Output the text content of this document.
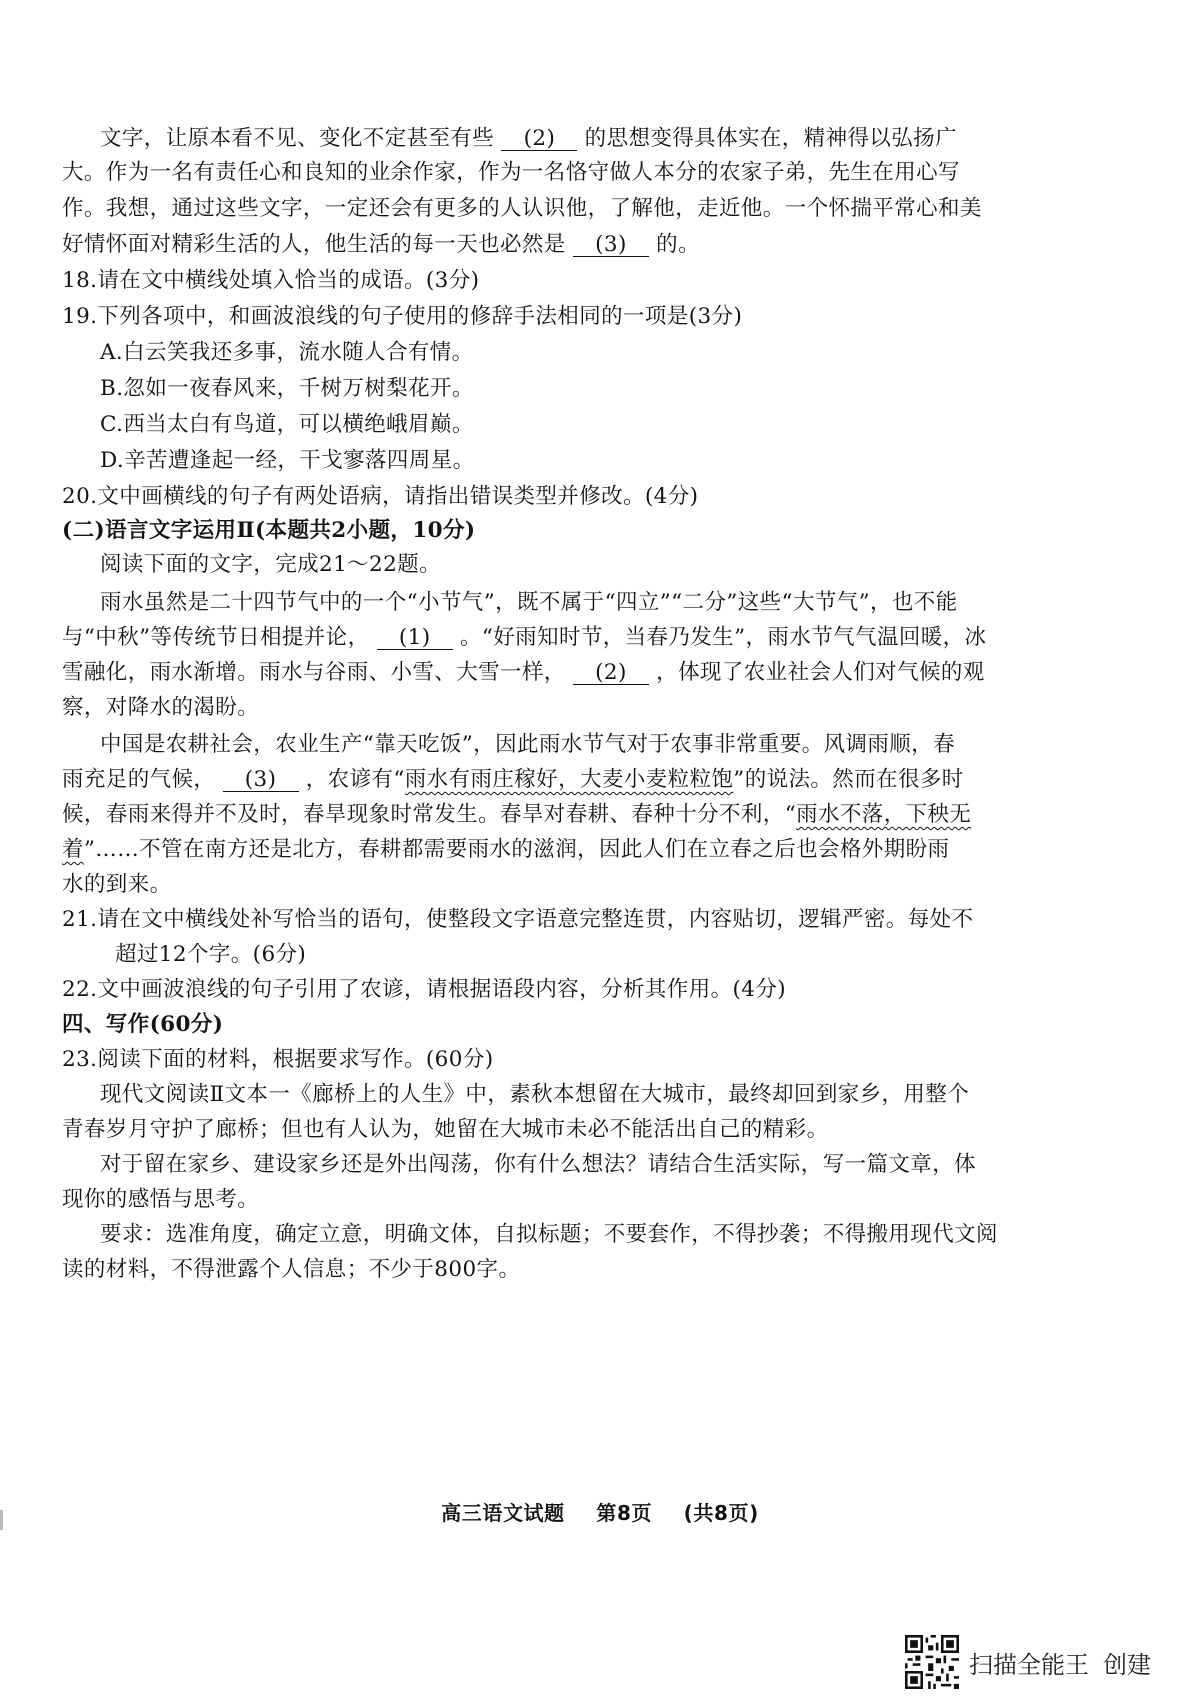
文字，让原本看不见、变化不定甚至有些 (2) 的思想变得具体实在，精神得以弘扬广
大。作为一名有责任心和良知的业余作家，作为一名恪守做人本分的农家子弟，先生在用心写
作。我想，通过这些文字，一定还会有更多的人认识他，了解他，走近他。一个怀揣平常心和美
好情怀面对精彩生活的人，他生活的每一天也必然是 (3) 的。
18.请在文中横线处填入恰当的成语。(3分)
19.下列各项中，和画波浪线的句子使用的修辞手法相同的一项是(3分)
A.白云笑我还多事，流水随人合有情。
B.忽如一夜春风来，千树万树梨花开。
C.西当太白有鸟道，可以横绝峨眉巅。
D.辛苦遭逢起一经，干戈寥落四周星。
20.文中画横线的句子有两处语病，请指出错误类型并修改。(4分)
(二)语言文字运用Ⅱ(本题共2小题，10分)
阅读下面的文字，完成21～22题。
雨水虽然是二十四节气中的一个“小节气”，既不属于“四立”“二分”这些“大节气”，也不能
与“中秋”等传统节日相提并论， (1) 。“好雨知时节，当春乃发生”，雨水节气气温回暖，冰
雪融化，雨水渐增。雨水与谷雨、小雪、大雪一样， (2) ，体现了农业社会人们对气候的观
察，对降水的渴盼。
中国是农耕社会，农业生产“靠天吃饭”，因此雨水节气对于农事非常重要。风调雨顺，春
雨充足的气候， (3) ，农谚有“雨水有雨庄稼好，大麦小麦粒粒饱”的说法。然而在很多时
候，春雨来得并不及时，春旱现象时常发生。春旱对春耕、春种十分不利，“雨水不落，下秧无
着”……不管在南方还是北方，春耕都需要雨水的滋润，因此人们在立春之后也会格外期盼雨
水的到来。
21.请在文中横线处补写恰当的语句，使整段文字语意完整连贯，内容贴切，逻辑严密。每处不
超过12个字。(6分)
22.文中画波浪线的句子引用了农谚，请根据语段内容，分析其作用。(4分)
四、写作(60分)
23.阅读下面的材料，根据要求写作。(60分)
现代文阅读Ⅱ文本一《廊桥上的人生》中，素秋本想留在大城市，最终却回到家乡，用整个
青春岁月守护了廊桥；但也有人认为，她留在大城市未必不能活出自己的精彩。
对于留在家乡、建设家乡还是外出闯荡，你有什么想法？请结合生活实际，写一篇文章，体
现你的感悟与思考。
要求：选准角度，确定立意，明确文体，自拟标题；不要套作，不得抄袭；不得搬用现代文阅
读的材料，不得泄露个人信息；不少于800字。
高三语文试题 第8页 (共8页)
扫描全能王 创建
